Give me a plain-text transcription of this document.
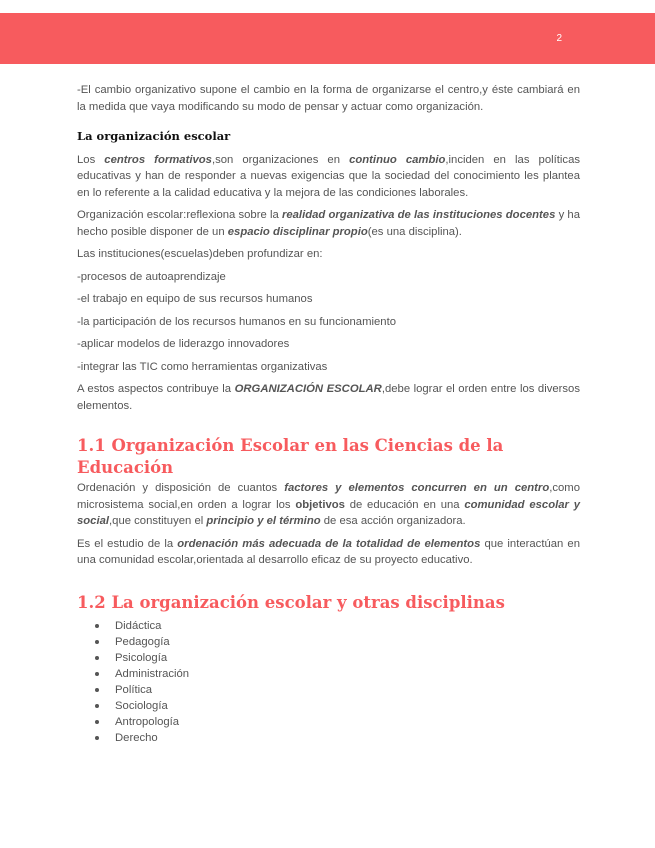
2

-El cambio organizativo supone el cambio en la forma de organizarse el centro,y éste cambiará en la medida que vaya modificando su modo de pensar y actuar como organización.

La organización escolar

Los centros formativos,son organizaciones en continuo cambio,inciden en las políticas educativas y han de responder a nuevas exigencias que la sociedad del conocimiento les plantea en lo referente a la calidad educativa y la mejora de las condiciones laborales.

Organización escolar:reflexiona sobre la realidad organizativa de las instituciones docentes y ha hecho posible disponer de un espacio disciplinar propio(es una disciplina).

Las instituciones(escuelas)deben profundizar en:

-procesos de autoaprendizaje

-el trabajo en equipo de sus recursos humanos

-la participación de los recursos humanos en su funcionamiento

-aplicar modelos de liderazgo innovadores

-integrar las TIC como herramientas organizativas

A estos aspectos contribuye la ORGANIZACIÓN ESCOLAR,debe lograr el orden entre los diversos elementos.

1.1 Organización Escolar en las Ciencias de la Educación

Ordenación y disposición de cuantos factores y elementos concurren en un centro,como microsistema social,en orden a lograr los objetivos de educación en una comunidad escolar y social,que constituyen el principio y el término de esa acción organizadora.

Es el estudio de la ordenación más adecuada de la totalidad de elementos que interactúan en una comunidad escolar,orientada al desarrollo eficaz de su proyecto educativo.

1.2 La organización escolar y otras disciplinas
Didáctica
Pedagogía
Psicología
Administración
Política
Sociología
Antropología
Derecho
